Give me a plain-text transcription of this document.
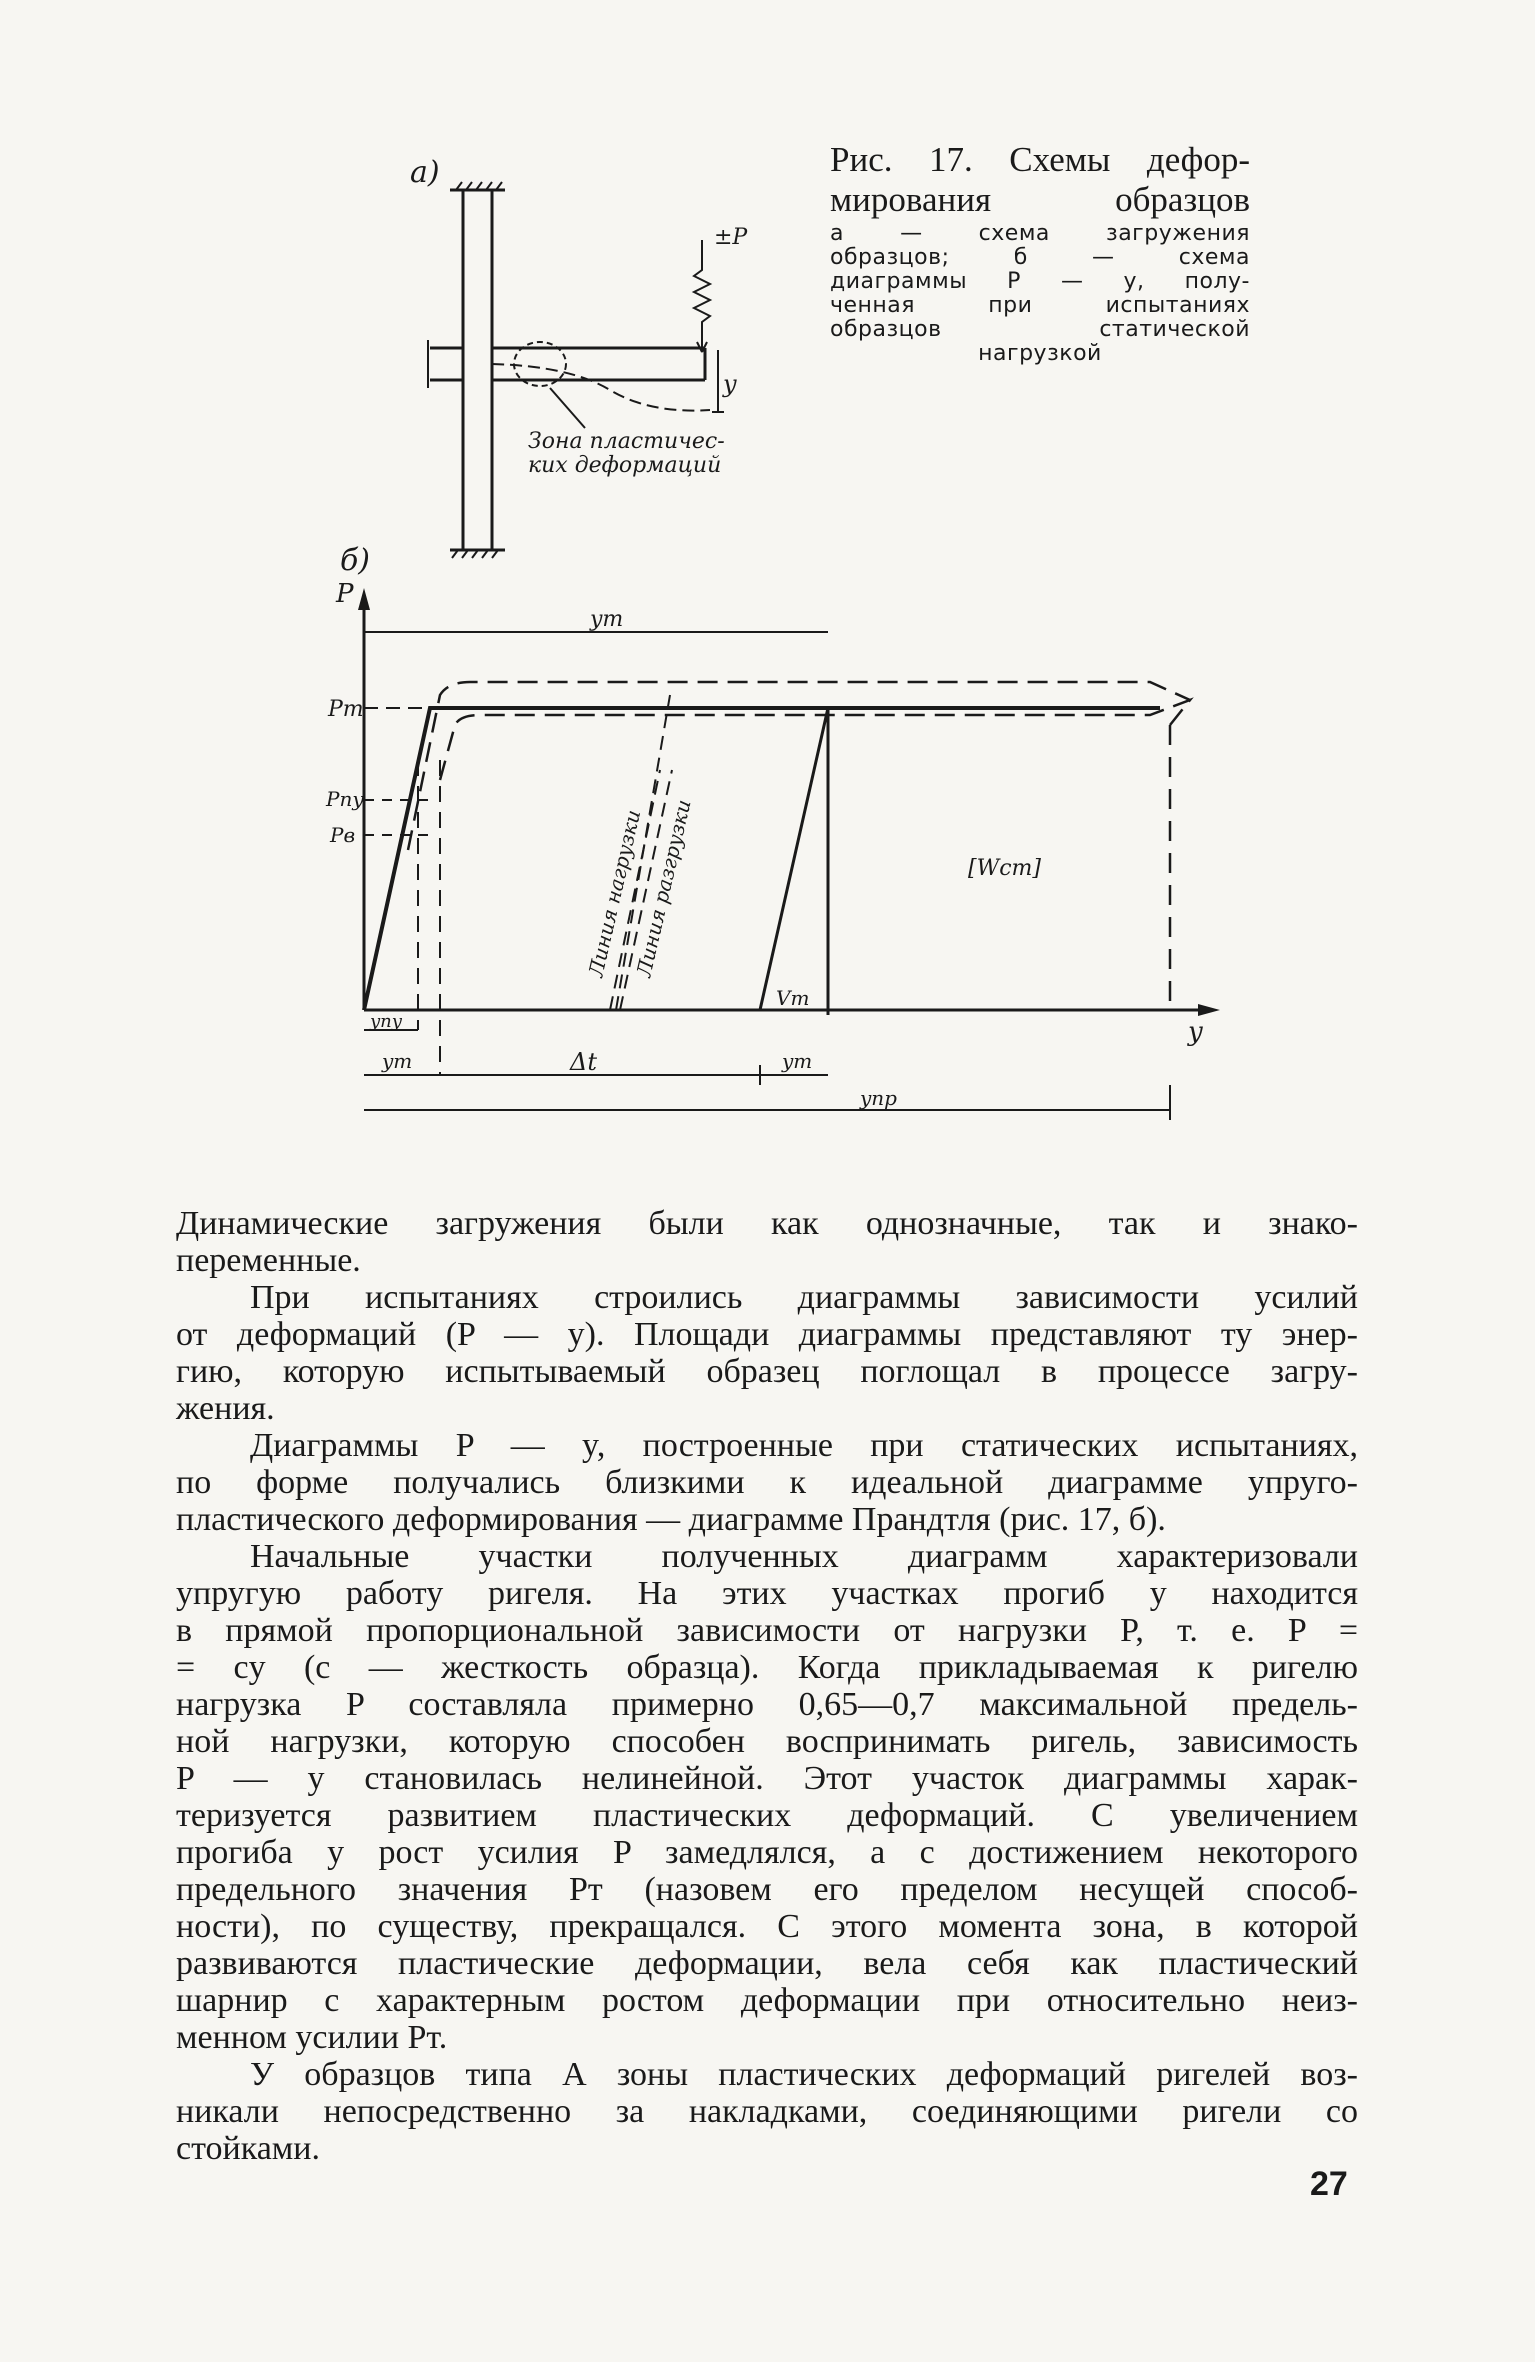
а)
±P
y
Зона пластичес-
ких деформаций

Рис. 17. Схемы дефор-
мирования образцов

а — схема загружения
образцов; б — схема
диаграммы P — y, полу-
ченная при испытаниях
образцов статической
нагрузкой

б)
P
y
Pт
Pпу
Pв
yт
yпу
yт	Δt	yт
yпр
Vт
[Wст]
Линия нагрузки
Линия разгрузки

Динамические загружения были как однозначные, так и знако-
переменные.

При испытаниях строились диаграммы зависимости усилий
от деформаций (P — y). Площади диаграммы представляют ту энер-
гию, которую испытываемый образец поглощал в процессе загру-
жения.

Диаграммы P — y, построенные при статических испытаниях,
по форме получались близкими к идеальной диаграмме упруго-
пластического деформирования — диаграмме Прандтля (рис. 17, б).

Начальные участки полученных диаграмм характеризовали
упругую работу ригеля. На этих участках прогиб y находится
в прямой пропорциональной зависимости от нагрузки P, т. е. P =
= cy (c — жесткость образца). Когда прикладываемая к ригелю
нагрузка P составляла примерно 0,65—0,7 максимальной предель-
ной нагрузки, которую способен воспринимать ригель, зависимость
P — y становилась нелинейной. Этот участок диаграммы харак-
теризуется развитием пластических деформаций. С увеличением
прогиба y рост усилия P замедлялся, а с достижением некоторого
предельного значения Pт (назовем его пределом несущей способ-
ности), по существу, прекращался. С этого момента зона, в которой
развиваются пластические деформации, вела себя как пластический
шарнир с характерным ростом деформации при относительно неиз-
менном усилии Pт.

У образцов типа А зоны пластических деформаций ригелей воз-
никали непосредственно за накладками, соединяющими ригели со
стойками.

27
